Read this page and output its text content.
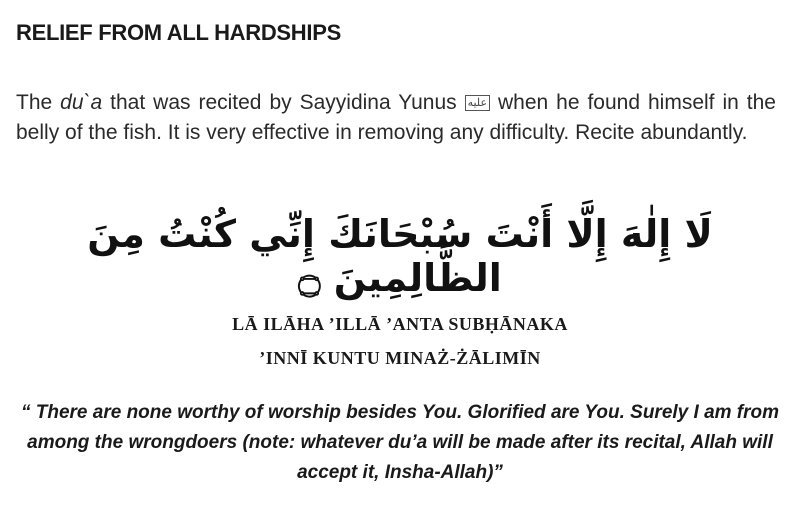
RELIEF FROM ALL HARDSHIPS
The du`a that was recited by Sayyidina Yunus عليه when he found himself in the belly of the fish. It is very effective in removing any difficulty. Recite abundantly.
لَا إِلٰهَ إِلَّا أَنْتَ سُبْحَانَكَ إِنِّي كُنْتُ مِنَ الظَّالِمِينَ ۝
LĀ ILĀHA ’ILLĀ ’ANTA SUBḤĀNAKA
’INNĪ KUNTU MINAŻ-ŻĀLIMĪN
“ There are none worthy of worship besides You. Glorified are You. Surely I am from among the wrongdoers (note: whatever du’a will be made after its recital, Allah will accept it, Insha-Allah)”
